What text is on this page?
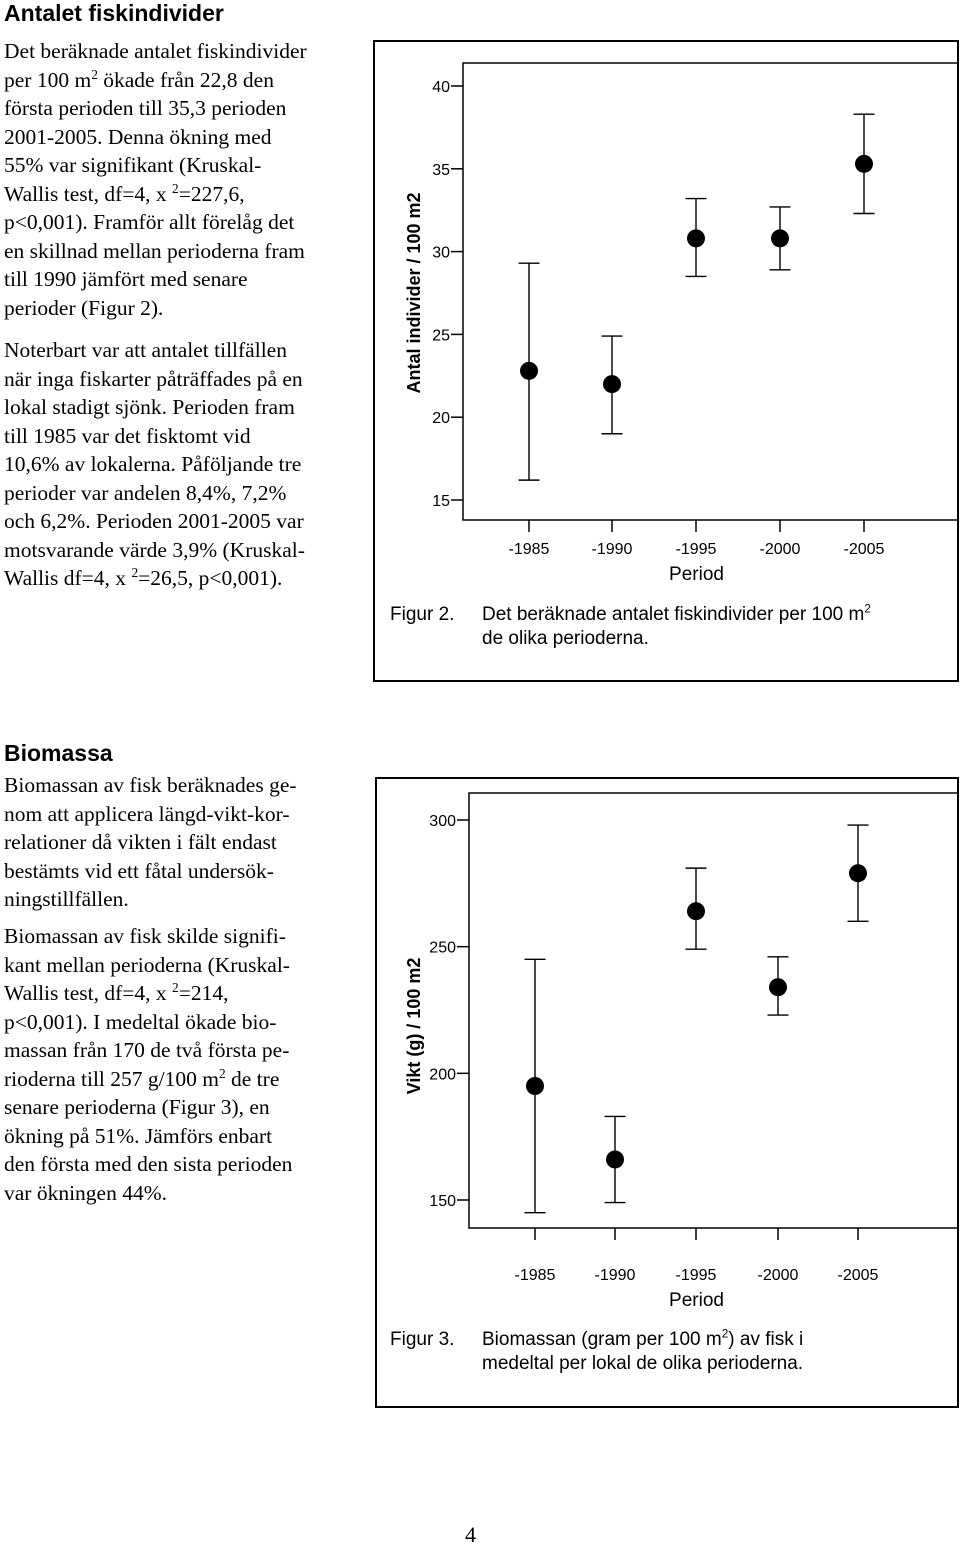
Antalet fiskindivider
Det beräknade antalet fiskindivider
per 100 $m^2$ ökade från 22,8 den
första perioden till 35,3 perioden
2001-2005. Denna ökning med
55% var signifikant (Kruskal-
Wallis test, df=4, x $^2$=227,6,
p<0,001). Framför allt förelåg det
en skillnad mellan perioderna fram
till 1990 jämfört med senare
perioder (Figur 2).
Noterbart var att antalet tillfällen
när inga fiskarter påträffades på en
lokal stadigt sjönk. Perioden fram
till 1985 var det fisktomt vid
10,6% av lokalerna. Påföljande tre
perioder var andelen 8,4%, 7,2%
och 6,2%. Perioden 2001-2005 var
motsvarande värde 3,9% (Kruskal-
Wallis df=4, x $^2$=26,5, p<0,001).
15
20
25
30
35
40
-1985	-1990	-1995	-2000	-2005
Period
Antal individer / 100 m2
Figur 2. Det beräknade antalet fiskindivider per 100 $m^2$
de olika perioderna.
Biomassa
Biomassan av fisk beräknades ge-
nom att applicera längd-vikt-kor-
relationer då vikten i fält endast
bestämts vid ett fåtal undersök-
ningstillfällen.
Biomassan av fisk skilde signifi-
kant mellan perioderna (Kruskal-
Wallis test, df=4, x $^2$=214,
p<0,001). I medeltal ökade bio-
massan från 170 de två första pe-
rioderna till 257 g/100 $m^2$ de tre
senare perioderna (Figur 3), en
ökning på 51%. Jämförs enbart
den första med den sista perioden
var ökningen 44%.	150
200
250
300
-1985 -1990	-1995	-2000 -2005
Period
Vikt (g) / 100 m2
Figur 3. Biomassan (gram per 100 $m^2$) av fisk i
medeltal per lokal de olika perioderna.
4
